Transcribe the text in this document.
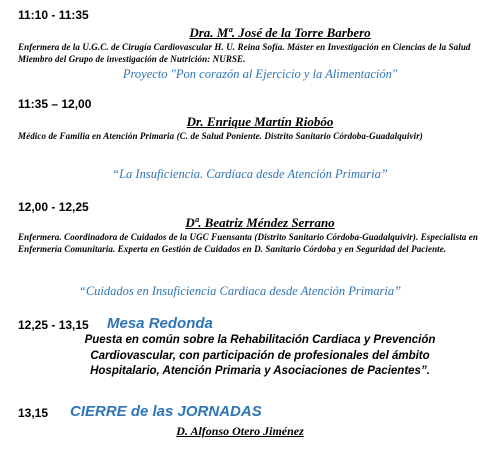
11:10 - 11:35
Dra. Mª. José de la Torre Barbero
Enfermera de la U.G.C. de Cirugía Cardiovascular H. U. Reina Sofía. Máster en Investigación en Ciencias de la Salud Miembro del Grupo de investigación de Nutrición: NURSE.
Proyecto "Pon corazón al Ejercicio y la Alimentación"
11:35 – 12,00
Dr. Enrique Martín Riobóo
Médico de Familia en Atención Primaria (C. de Salud Poniente. Distrito Sanitario Córdoba-Guadalquivir)
“La Insuficiencia. Cardíaca desde Atención Primaria”
12,00 - 12,25
Dª. Beatriz Méndez Serrano
Enfermera. Coordinadora de Cuidados de la UGC Fuensanta (Distrito Sanitario Córdoba-Guadalquivir). Especialista en Enfermería Comunitaria. Experta en Gestión de Cuidados en D. Sanitario Córdoba y en Seguridad del Paciente.
“Cuidados en Insuficiencia Cardiaca desde Atención Primaria”
12,25 - 13,15 Mesa Redonda
Puesta en común sobre la Rehabilitación Cardiaca y Prevención Cardiovascular, con participación de profesionales del ámbito Hospitalario, Atención Primaria y Asociaciones de Pacientes”.
13,15 CIERRE de las JORNADAS
D. Alfonso Otero Jiménez
